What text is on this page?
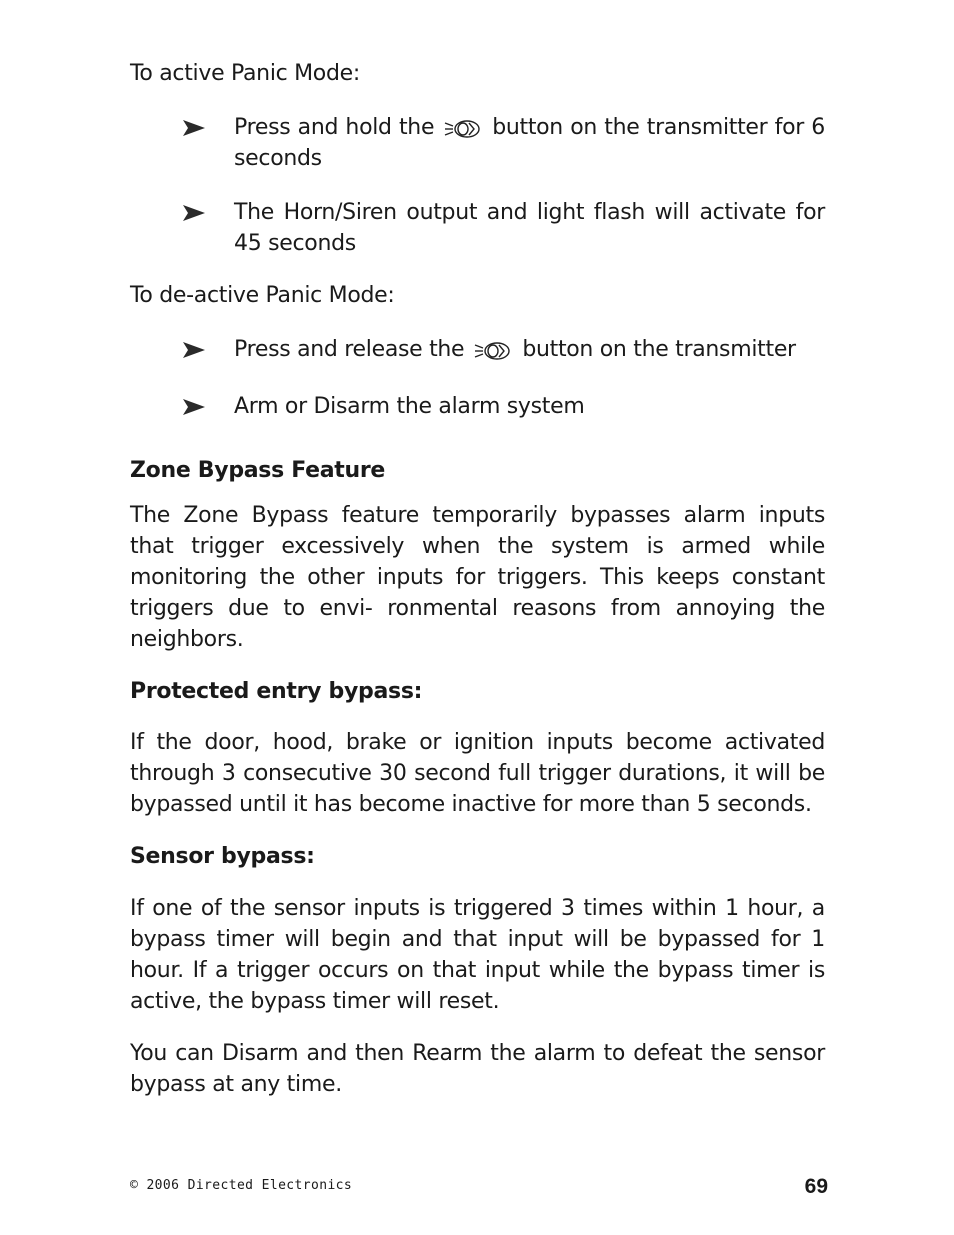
To active Panic Mode:

Press and hold the	button on the transmitter for 6 seconds

The Horn/Siren output and light flash will activate for 45 seconds

To de-active Panic Mode:

Press and release the	button on the transmitter

Arm or Disarm the alarm system

Zone Bypass Feature

The Zone Bypass feature temporarily bypasses alarm inputs that trigger excessively when the system is armed while monitoring the other inputs for triggers. This keeps constant triggers due to envi- ronmental reasons from annoying the neighbors.

Protected entry bypass:

If the door, hood, brake or ignition inputs become activated through 3 consecutive 30 second full trigger durations, it will be bypassed until it has become inactive for more than 5 seconds.

Sensor bypass:

If one of the sensor inputs is triggered 3 times within 1 hour, a bypass timer will begin and that input will be bypassed for 1 hour. If a trigger occurs on that input while the bypass timer is active, the bypass timer will reset.

You can Disarm and then Rearm the alarm to defeat the sensor bypass at any time.

© 2006 Directed Electronics	69
